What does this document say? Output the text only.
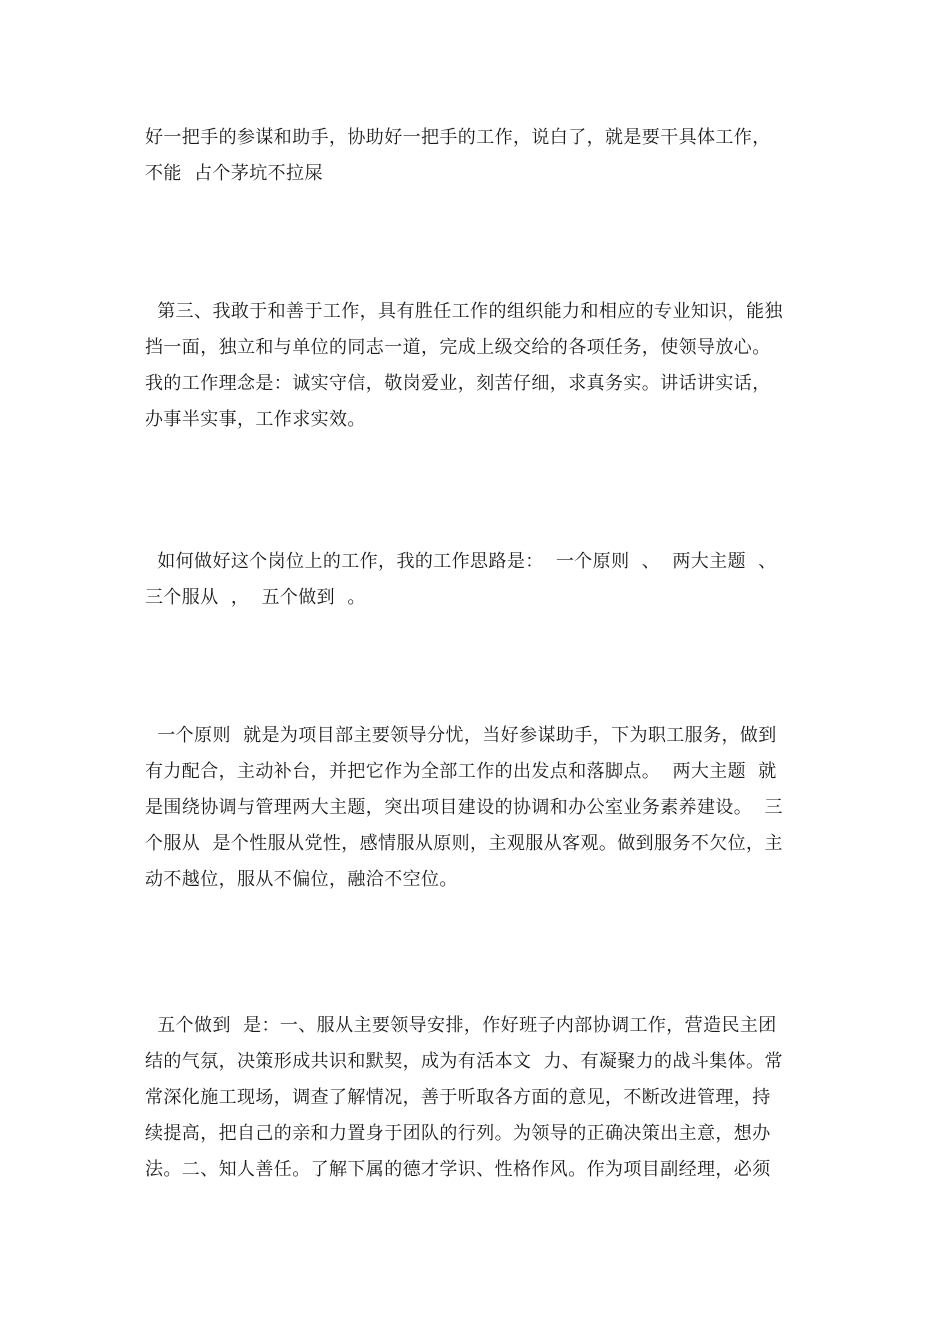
好一把手的参谋和助手，协助好一把手的工作，说白了，就是要干具体工作，
不能  占个茅坑不拉屎
第三、我敢于和善于工作，具有胜任工作的组织能力和相应的专业知识，能独
挡一面，独立和与单位的同志一道，完成上级交给的各项任务，使领导放心。
我的工作理念是：诚实守信，敬岗爱业，刻苦仔细，求真务实。讲话讲实话，
办事半实事，工作求实效。
如何做好这个岗位上的工作，我的工作思路是：  一个原则  、  两大主题  、
三个服从  ，  五个做到  。
一个原则  就是为项目部主要领导分忧，当好参谋助手，下为职工服务，做到
有力配合，主动补台，并把它作为全部工作的出发点和落脚点。  两大主题  就
是围绕协调与管理两大主题，突出项目建设的协调和办公室业务素养建设。  三
个服从  是个性服从党性，感情服从原则，主观服从客观。做到服务不欠位，主
动不越位，服从不偏位，融洽不空位。
五个做到  是：一、服从主要领导安排，作好班子内部协调工作，营造民主团
结的气氛，决策形成共识和默契，成为有活本文  力、有凝聚力的战斗集体。常
常深化施工现场，调查了解情况，善于听取各方面的意见，不断改进管理，持
续提高，把自己的亲和力置身于团队的行列。为领导的正确决策出主意，想办
法。二、知人善任。了解下属的德才学识、性格作风。作为项目副经理，必须
